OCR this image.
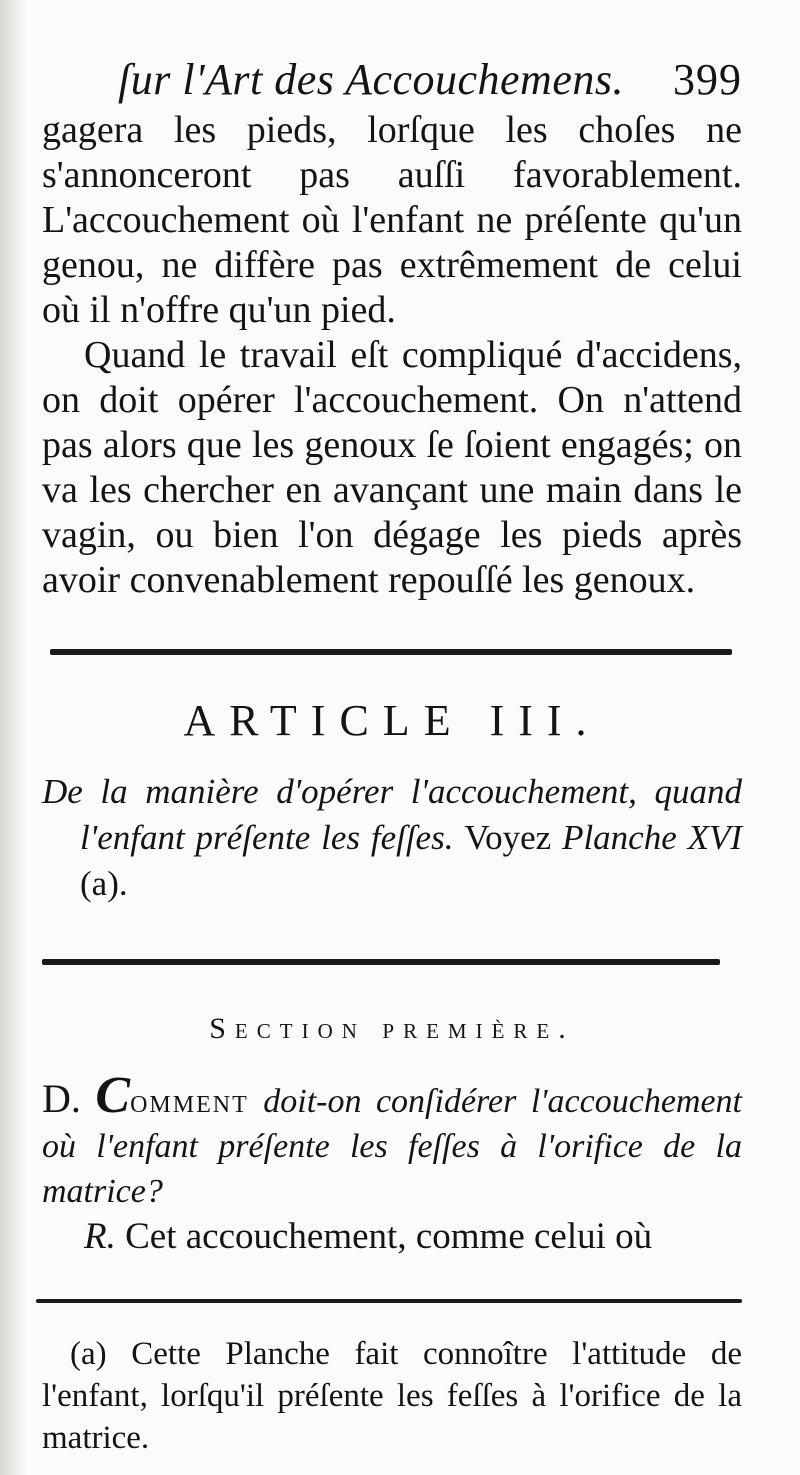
ſur l'Art des Accouchemens. 399
gagera les pieds, lorſque les choſes ne s'annonceront pas auſſi favorablement. L'accouchement où l'enfant ne préſente qu'un genou, ne diffère pas extrêmement de celui où il n'offre qu'un pied.
Quand le travail eſt compliqué d'accidens, on doit opérer l'accouchement. On n'attend pas alors que les genoux ſe ſoient engagés; on va les chercher en avançant une main dans le vagin, ou bien l'on dégage les pieds après avoir convenablement repouſſé les genoux.
ARTICLE III.
De la manière d'opérer l'accouchement, quand l'enfant préſente les feſſes. Voyez Planche XVI (a).
Section première.
D. Comment doit-on conſidérer l'accouchement où l'enfant préſente les feſſes à l'orifice de la matrice?

R. Cet accouchement, comme celui où

(a) Cette Planche fait connoître l'attitude de l'enfant, lorſqu'il préſente les feſſes à l'orifice de la matrice.
